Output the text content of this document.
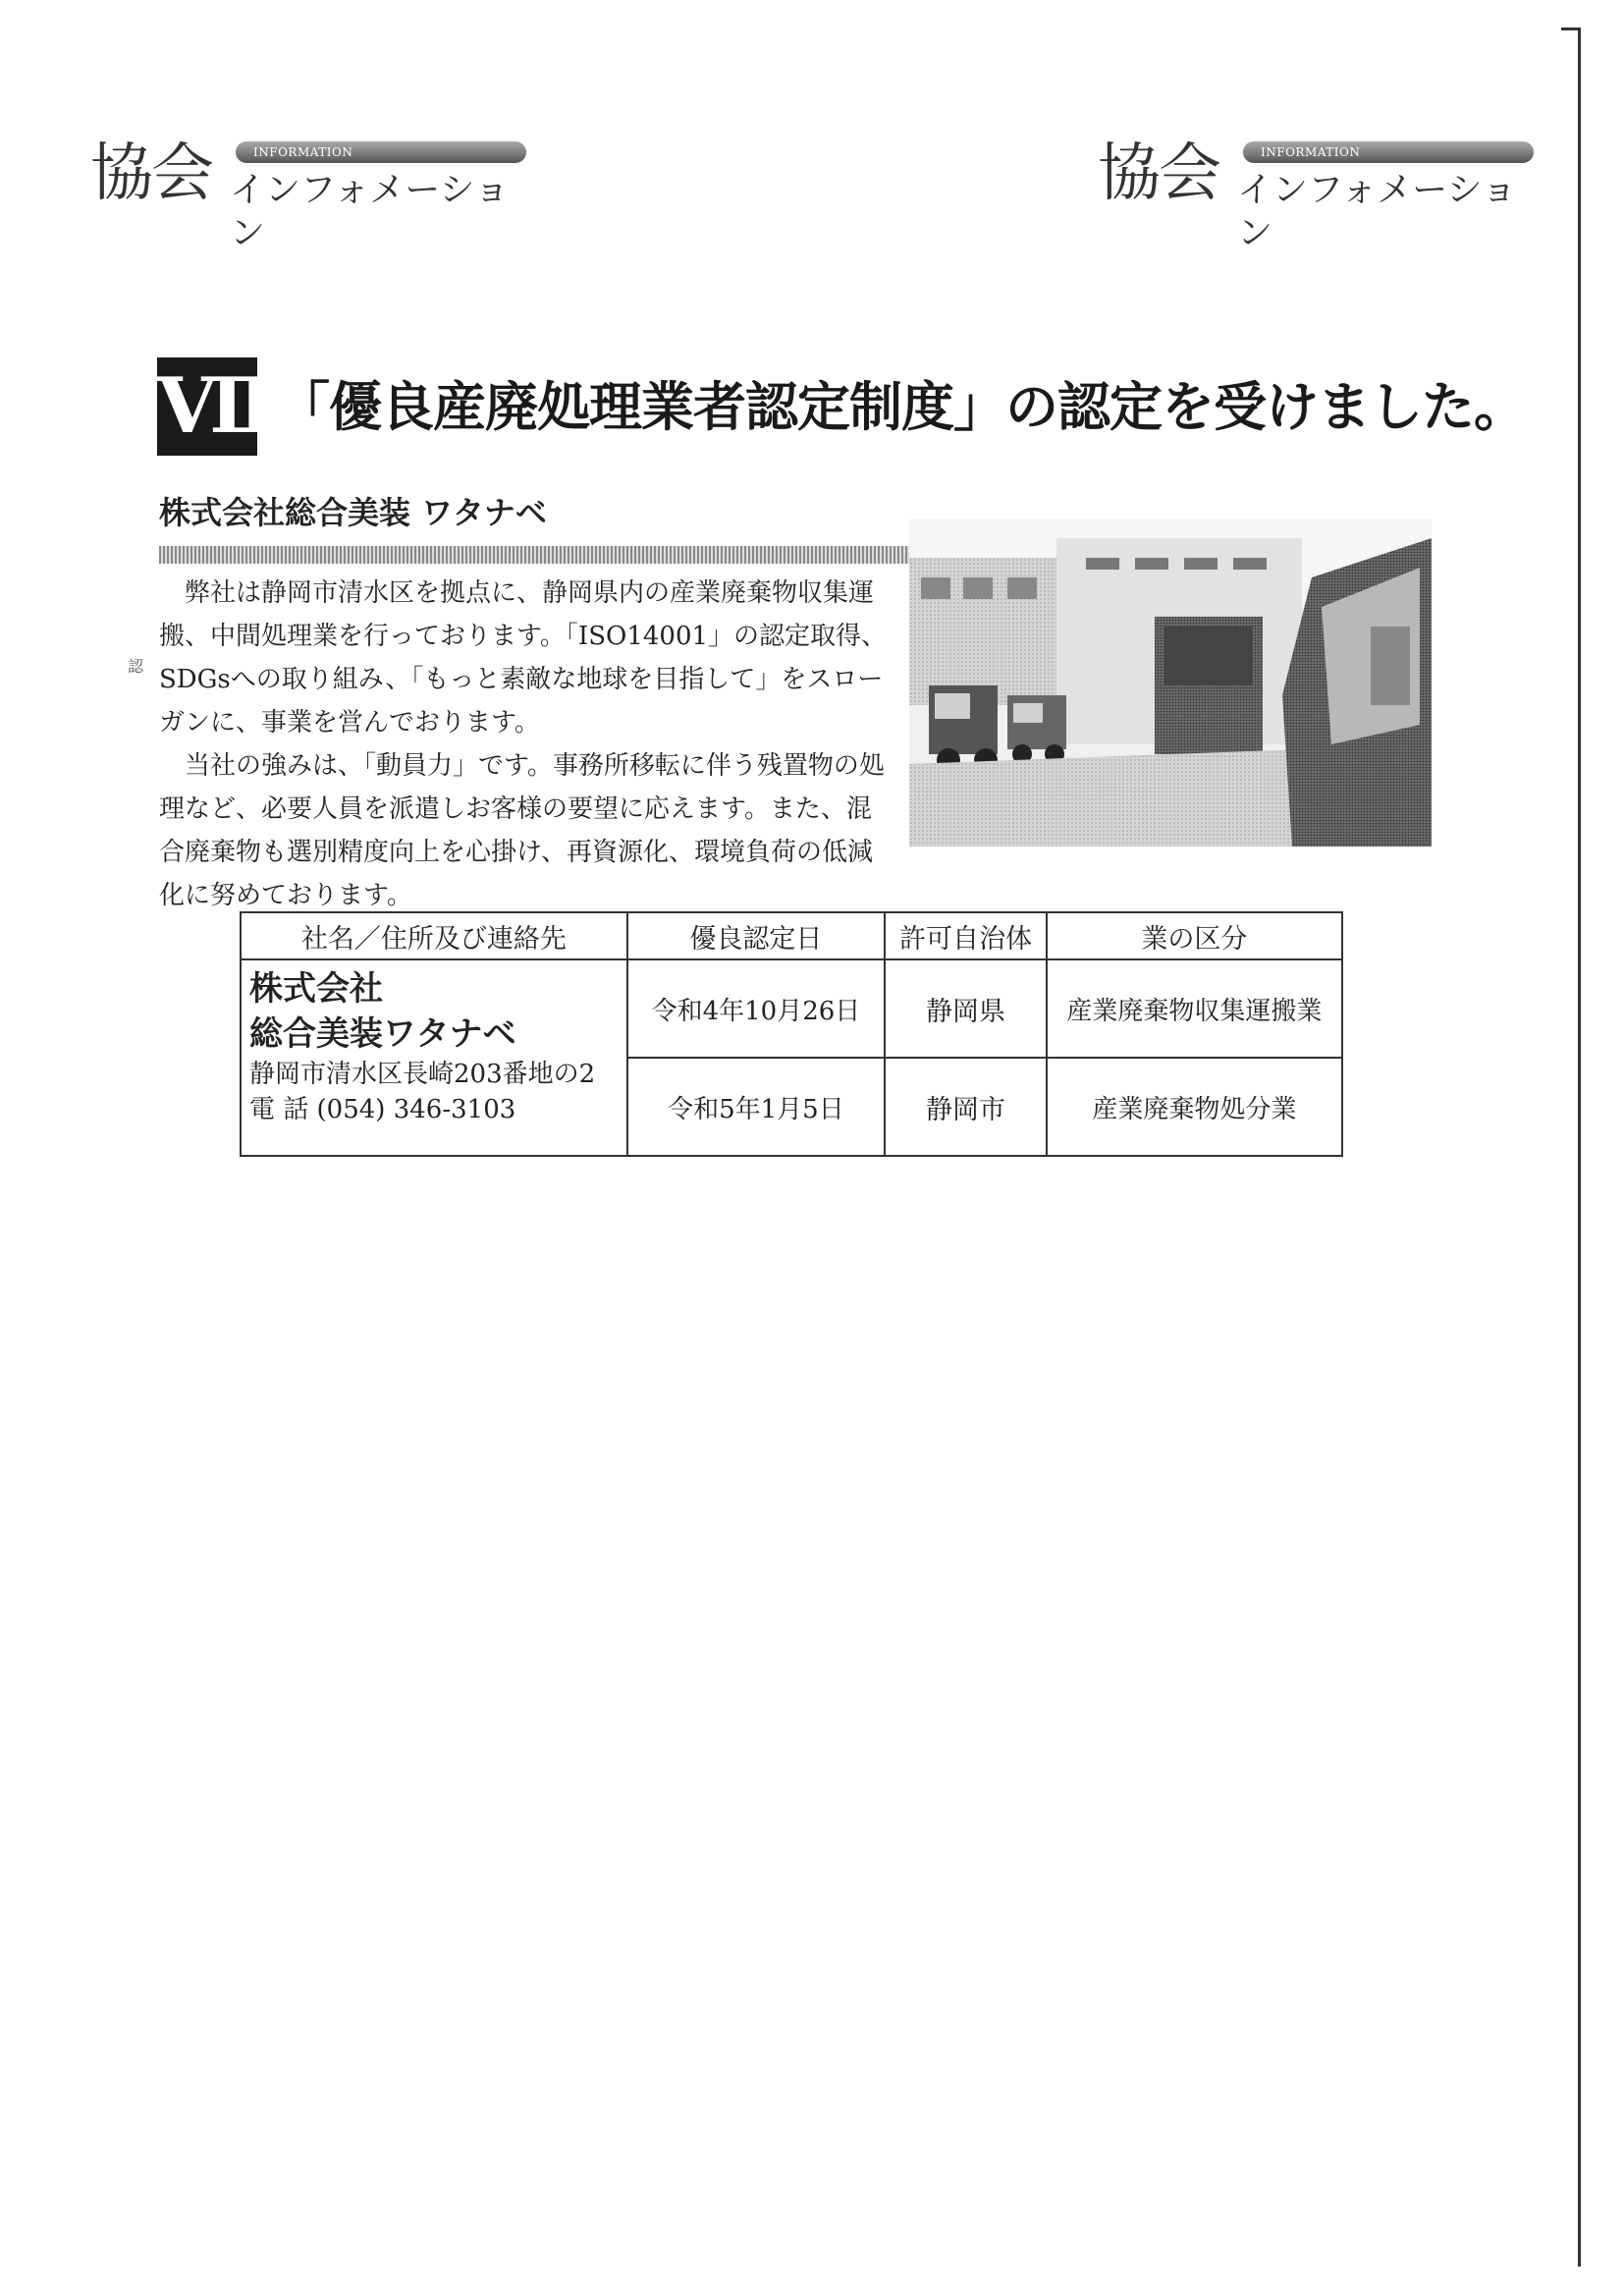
協会	INFORMATION
インフォメーション
協会	INFORMATION
インフォメーション
Ⅶ 「優良産廃処理業者認定制度」の認定を受けました。
株式会社総合美装 ワタナベ
認

弊社は静岡市清水区を拠点に、静岡県内の産業廃棄物収集運搬、中間処理業を行っております。「ISO14001」の認定取得、SDGsへの取り組み、「もっと素敵な地球を目指して」をスローガンに、事業を営んでおります。

当社の強みは、「動員力」です。事務所移転に伴う残置物の処理など、必要人員を派遣しお客様の要望に応えます。また、混合廃棄物も選別精度向上を心掛け、再資源化、環境負荷の低減化に努めております。

社名／住所及び連絡先	優良認定日	許可自治体	業の区分

株式会社
総合美装ワタナベ
静岡市清水区長崎203番地の2
電 話 (054) 346-3103	令和4年10月26日	静岡県	産業廃棄物収集運搬業
	令和5年1月5日	静岡市	産業廃棄物処分業
